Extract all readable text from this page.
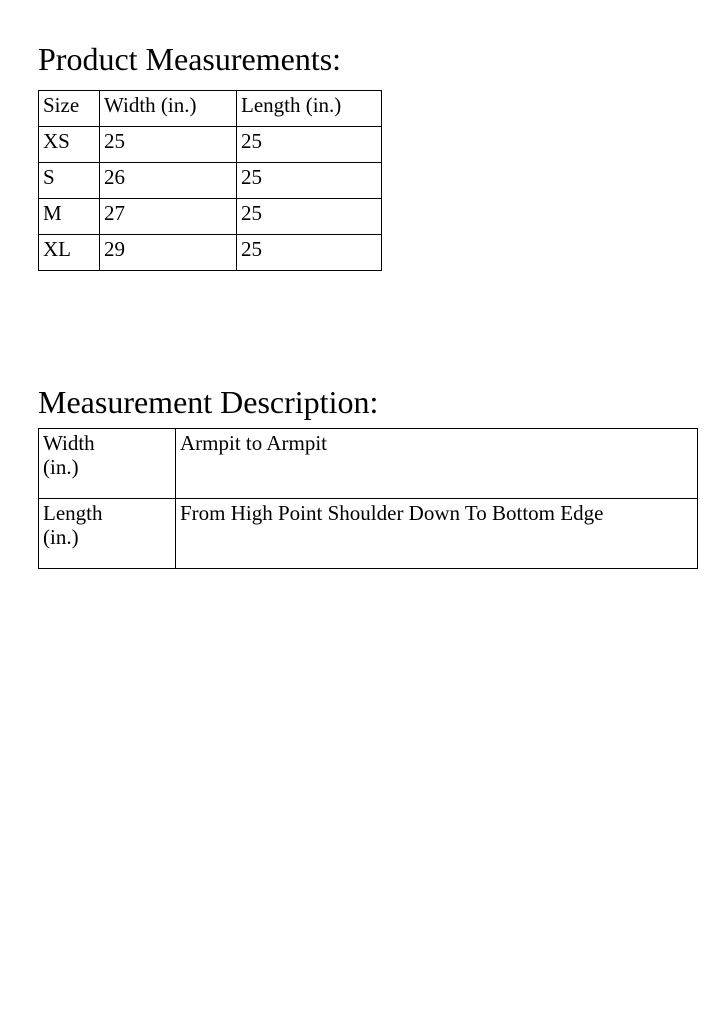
Product Measurements:
Size	Width (in.)	Length (in.)
XS	25	25
S	26	25
M	27	25
XL	29	25
Measurement Description:
Width
(in.)	Armpit to Armpit

Length
(in.)	From High Point Shoulder Down To Bottom Edge
